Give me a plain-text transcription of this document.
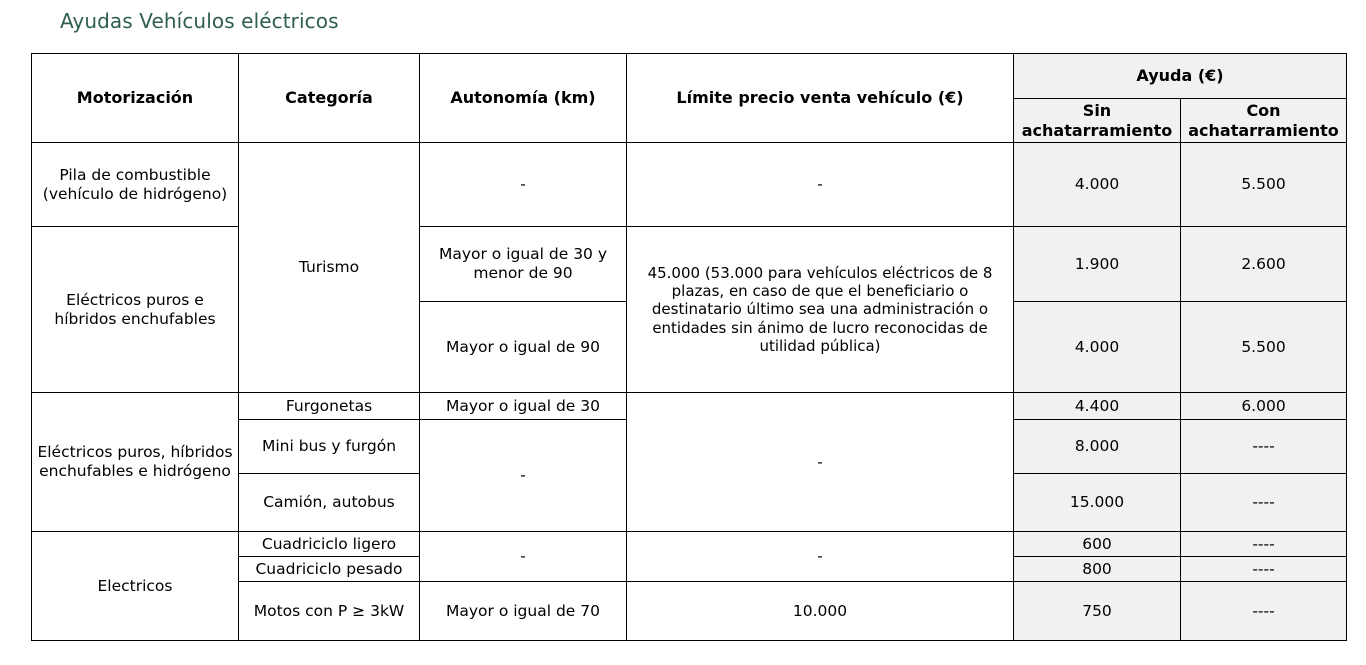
Ayudas Vehículos eléctricos
Motorización	Categoría	Autonomía (km)	Límite precio venta vehículo (€)	Ayuda (€)	
				Sin achatarramiento	Con achatarramiento
Pila de combustible (vehículo de hidrógeno)	Turismo	-	-	4.000	5.500
Eléctricos puros e híbridos enchufables		Mayor o igual de 30 y menor de 90	45.000 (53.000 para vehículos eléctricos de 8 plazas, en caso de que el beneficiario o destinatario último sea una administración o entidades sin ánimo de lucro reconocidas de utilidad pública)	1.900	2.600
		Mayor o igual de 90		4.000	5.500
Eléctricos puros, híbridos enchufables e hidrógeno	Furgonetas	Mayor o igual de 30	-	4.400	6.000
	Mini bus y furgón	-		8.000	----
	Camión, autobus			15.000	----
Electricos	Cuadriciclo ligero	-	-	600	----
	Cuadriciclo pesado			800	----
	Motos con P ≥ 3kW	Mayor o igual de 70	10.000	750	----
